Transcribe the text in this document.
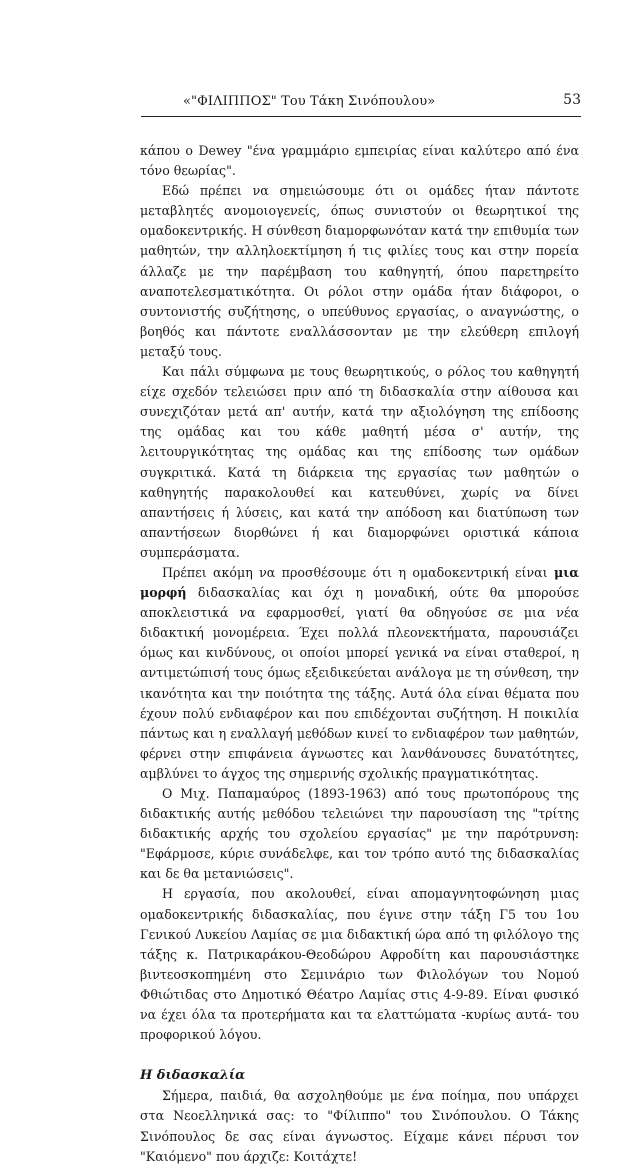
«"ΦΙΛΙΠΠΟΣ" Του Τάκη Σινόπουλου»	53

κάπου ο Dewey "ένα γραμμάριο εμπειρίας είναι καλύτερο από ένα τόνο θεωρίας".

Εδώ πρέπει να σημειώσουμε ότι οι ομάδες ήταν πάντοτε μεταβλητές ανομοιογενείς, όπως συνιστούν οι θεωρητικοί της ομαδοκεντρικής. Η σύνθεση διαμορφωνόταν κατά την επιθυμία των μαθητών, την αλληλοεκτίμηση ή τις φιλίες τους και στην πορεία άλλαζε με την παρέμβαση του καθηγητή, όπου παρετηρείτο αναποτελεσματικότητα. Οι ρόλοι στην ομάδα ήταν διάφοροι, ο συντονιστής συζήτησης, ο υπεύθυνος εργασίας, ο αναγνώστης, ο βοηθός και πάντοτε εναλλάσσονταν με την ελεύθερη επιλογή μεταξύ τους.

Και πάλι σύμφωνα με τους θεωρητικούς, ο ρόλος του καθηγητή είχε σχεδόν τελειώσει πριν από τη διδασκαλία στην αίθουσα και συνεχιζόταν μετά απ' αυτήν, κατά την αξιολόγηση της επίδοσης της ομάδας και του κάθε μαθητή μέσα σ' αυτήν, της λειτουργικότητας της ομάδας και της επίδοσης των ομάδων συγκριτικά. Κατά τη διάρκεια της εργασίας των μαθητών ο καθηγητής παρακολουθεί και κατευθύνει, χωρίς να δίνει απαντήσεις ή λύσεις, και κατά την απόδοση και διατύπωση των απαντήσεων διορθώνει ή και διαμορφώνει οριστικά κάποια συμπεράσματα.

Πρέπει ακόμη να προσθέσουμε ότι η ομαδοκεντρική είναι μια μορφή διδασκαλίας και όχι η μοναδική, ούτε θα μπορούσε αποκλειστικά να εφαρμοσθεί, γιατί θα οδηγούσε σε μια νέα διδακτική μονομέρεια. Έχει πολλά πλεονεκτήματα, παρουσιάζει όμως και κινδύνους, οι οποίοι μπορεί γενικά να είναι σταθεροί, η αντιμετώπισή τους όμως εξειδικεύεται ανάλογα με τη σύνθεση, την ικανότητα και την ποιότητα της τάξης. Αυτά όλα είναι θέματα που έχουν πολύ ενδιαφέρον και που επιδέχονται συζήτηση. Η ποικιλία πάντως και η εναλλαγή μεθόδων κινεί το ενδιαφέρον των μαθητών, φέρνει στην επιφάνεια άγνωστες και λανθάνουσες δυνατότητες, αμβλύνει το άγχος της σημερινής σχολικής πραγματικότητας.

Ο Μιχ. Παπαμαύρος (1893-1963) από τους πρωτοπόρους της διδακτικής αυτής μεθόδου τελειώνει την παρουσίαση της "τρίτης διδακτικής αρχής του σχολείου εργασίας" με την παρότρυνση: "Εφάρμοσε, κύριε συνάδελφε, και τον τρόπο αυτό της διδασκαλίας και δε θα μετανιώσεις".

Η εργασία, που ακολουθεί, είναι απομαγνητοφώνηση μιας ομαδοκεντρικής διδασκαλίας, που έγινε στην τάξη Γ5 του 1ου Γενικού Λυκείου Λαμίας σε μια διδακτική ώρα από τη φιλόλογο της τάξης κ. Πατρικαράκου-Θεοδώρου Αφροδίτη και παρουσιάστηκε βιντεοσκοπημένη στο Σεμινάριο των Φιλολόγων του Νομού Φθιώτιδας στο Δημοτικό Θέατρο Λαμίας στις 4-9-89. Είναι φυσικό να έχει όλα τα προτερήματα και τα ελαττώματα -κυρίως αυτά- του προφορικού λόγου.

Η διδασκαλία

Σήμερα, παιδιά, θα ασχοληθούμε με ένα ποίημα, που υπάρχει στα Νεοελληνικά σας: το "Φίλιππο" του Σινόπουλου. Ο Τάκης Σινόπουλος δε σας είναι άγνωστος. Είχαμε κάνει πέρυσι τον "Καιόμενο" που άρχιζε: Κοιτάχτε!
